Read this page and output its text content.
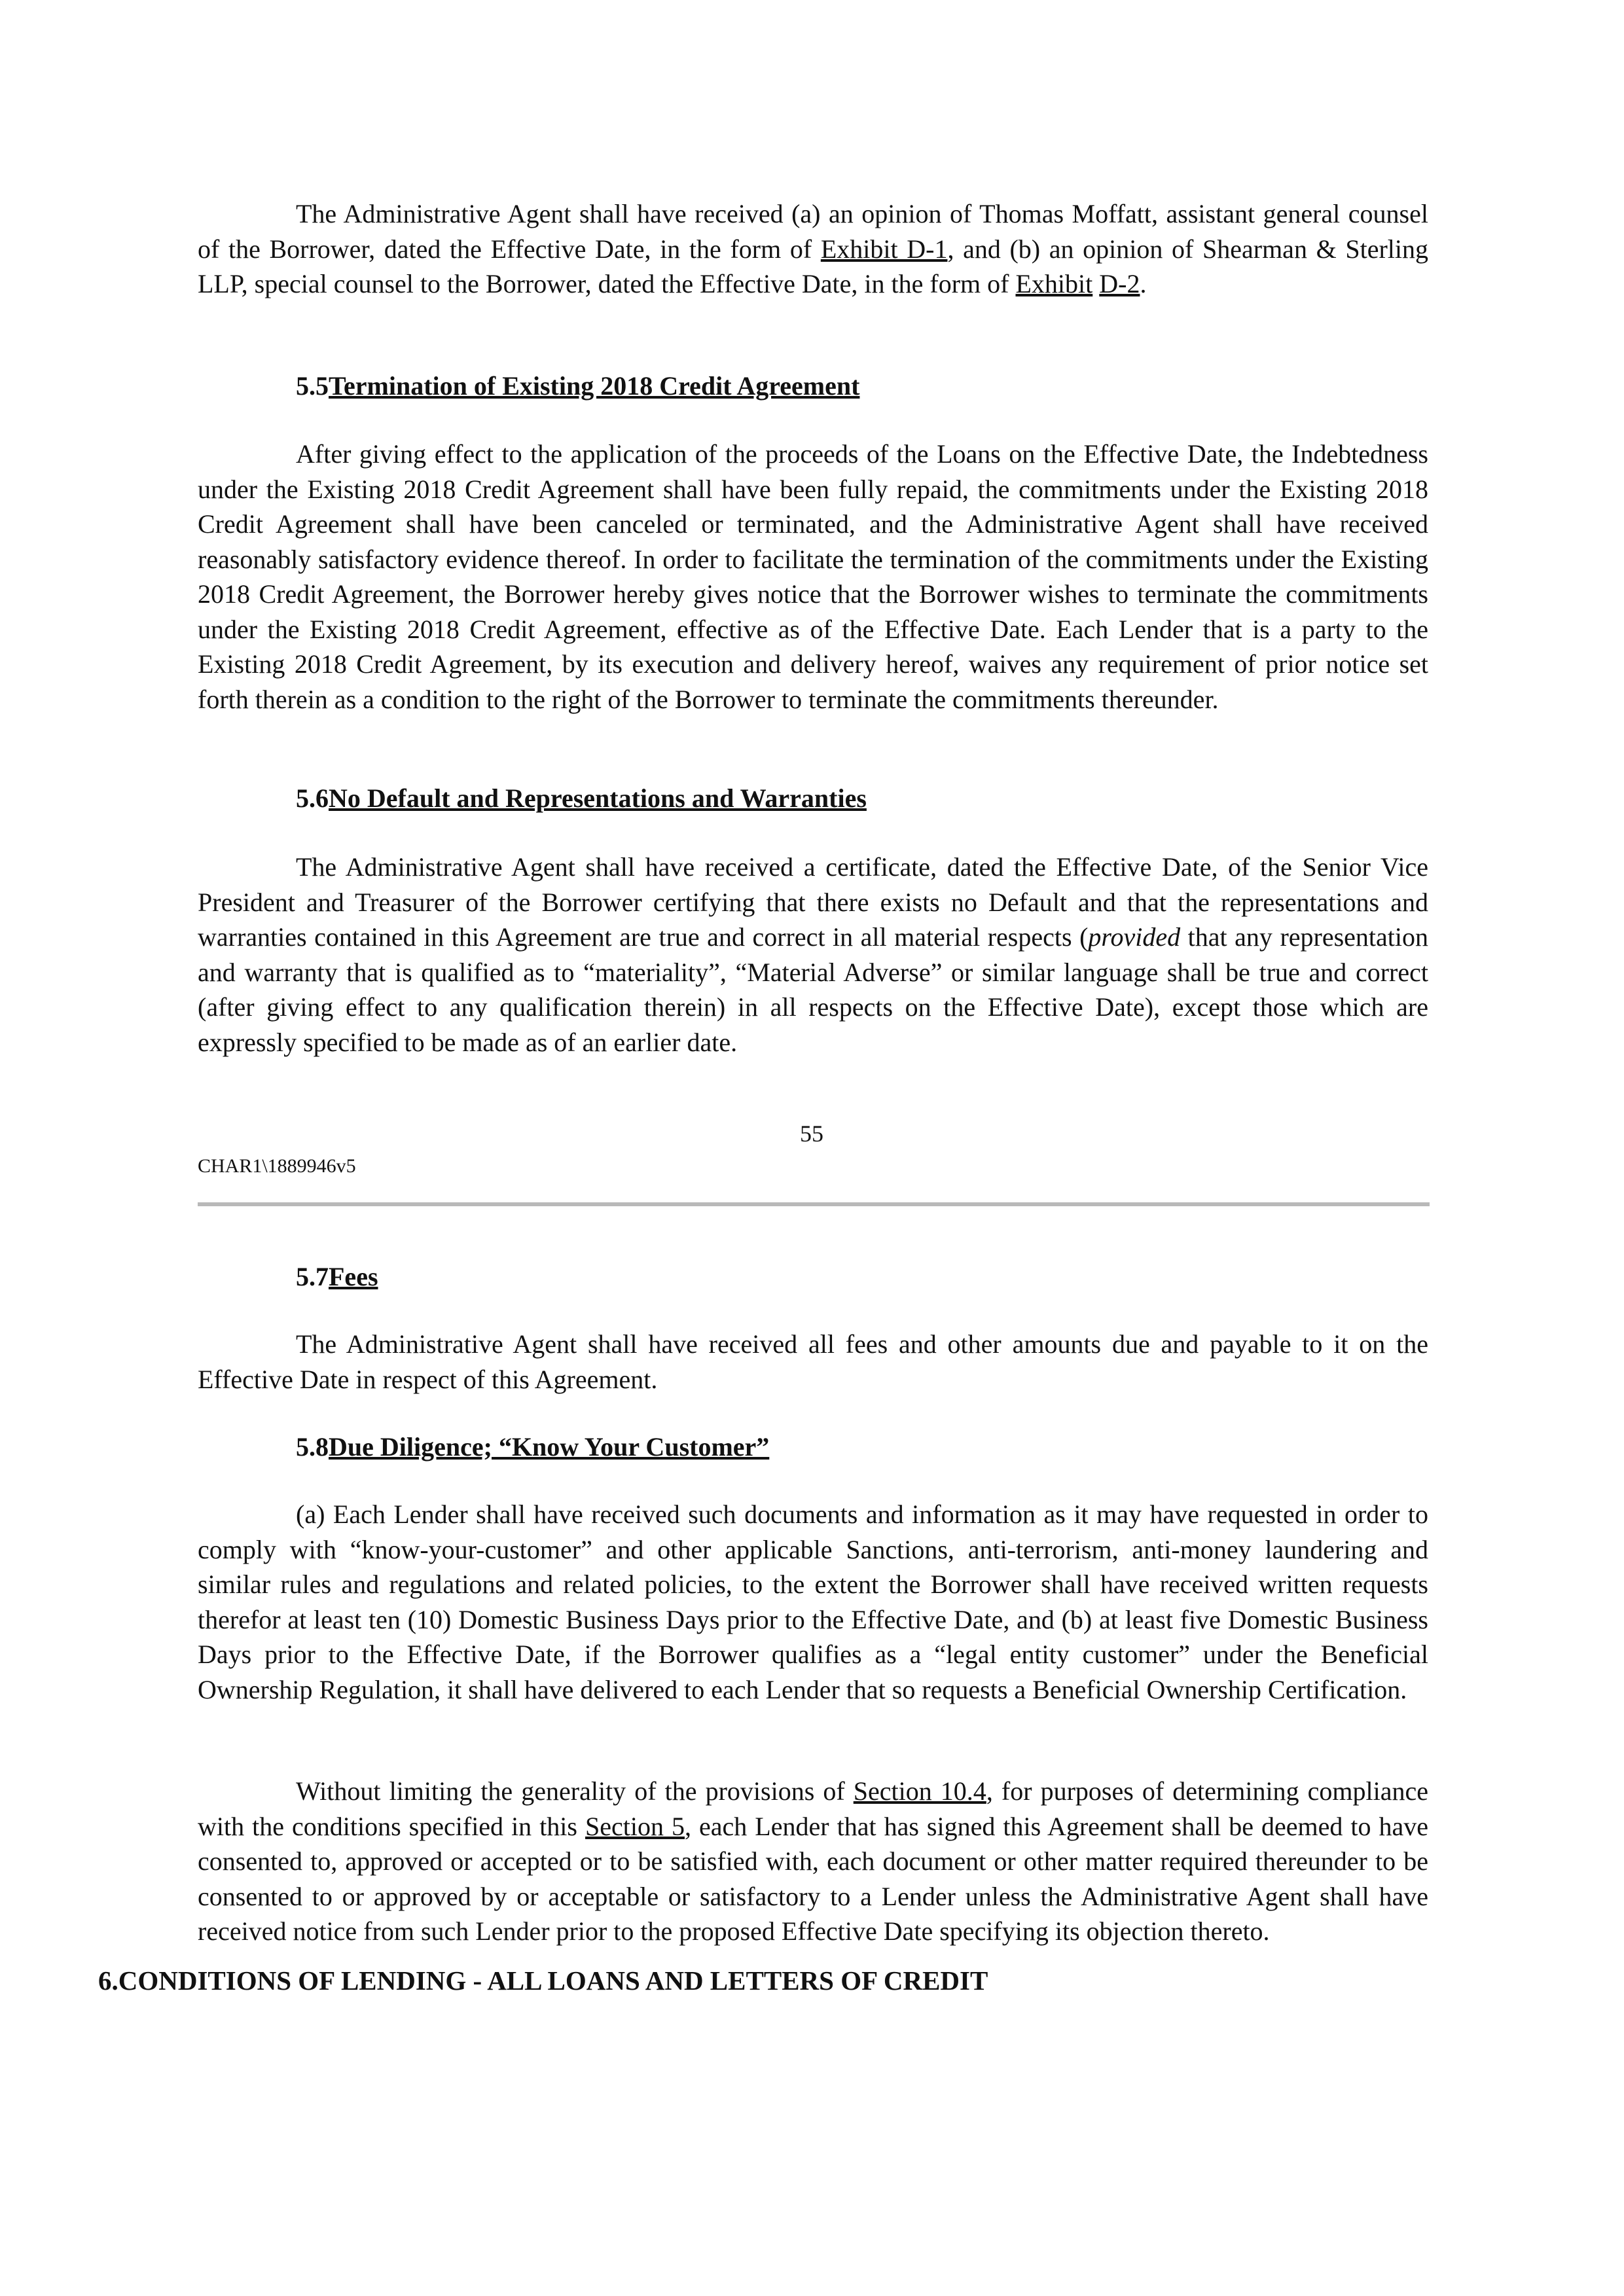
The Administrative Agent shall have received (a) an opinion of Thomas Moffatt, assistant general counsel of the Borrower, dated the Effective Date, in the form of Exhibit D-1, and (b) an opinion of Shearman & Sterling LLP, special counsel to the Borrower, dated the Effective Date, in the form of Exhibit D-2.

5.5Termination of Existing 2018 Credit Agreement

After giving effect to the application of the proceeds of the Loans on the Effective Date, the Indebtedness under the Existing 2018 Credit Agreement shall have been fully repaid, the commitments under the Existing 2018 Credit Agreement shall have been canceled or terminated, and the Administrative Agent shall have received reasonably satisfactory evidence thereof. In order to facilitate the termination of the commitments under the Existing 2018 Credit Agreement, the Borrower hereby gives notice that the Borrower wishes to terminate the commitments under the Existing 2018 Credit Agreement, effective as of the Effective Date. Each Lender that is a party to the Existing 2018 Credit Agreement, by its execution and delivery hereof, waives any requirement of prior notice set forth therein as a condition to the right of the Borrower to terminate the commitments thereunder.

5.6No Default and Representations and Warranties

The Administrative Agent shall have received a certificate, dated the Effective Date, of the Senior Vice President and Treasurer of the Borrower certifying that there exists no Default and that the representations and warranties contained in this Agreement are true and correct in all material respects (provided that any representation and warranty that is qualified as to “materiality”, “Material Adverse” or similar language shall be true and correct (after giving effect to any qualification therein) in all respects on the Effective Date), except those which are expressly specified to be made as of an earlier date.

55
CHAR1\1889946v5
5.7Fees

The Administrative Agent shall have received all fees and other amounts due and payable to it on the Effective Date in respect of this Agreement.

5.8Due Diligence; “Know Your Customer”

(a) Each Lender shall have received such documents and information as it may have requested in order to comply with “know-your-customer” and other applicable Sanctions, anti-terrorism, anti-money laundering and similar rules and regulations and related policies, to the extent the Borrower shall have received written requests therefor at least ten (10) Domestic Business Days prior to the Effective Date, and (b) at least five Domestic Business Days prior to the Effective Date, if the Borrower qualifies as a “legal entity customer” under the Beneficial Ownership Regulation, it shall have delivered to each Lender that so requests a Beneficial Ownership Certification.

Without limiting the generality of the provisions of Section 10.4, for purposes of determining compliance with the conditions specified in this Section 5, each Lender that has signed this Agreement shall be deemed to have consented to, approved or accepted or to be satisfied with, each document or other matter required thereunder to be consented to or approved by or acceptable or satisfactory to a Lender unless the Administrative Agent shall have received notice from such Lender prior to the proposed Effective Date specifying its objection thereto.

6.CONDITIONS OF LENDING - ALL LOANS AND LETTERS OF CREDIT
